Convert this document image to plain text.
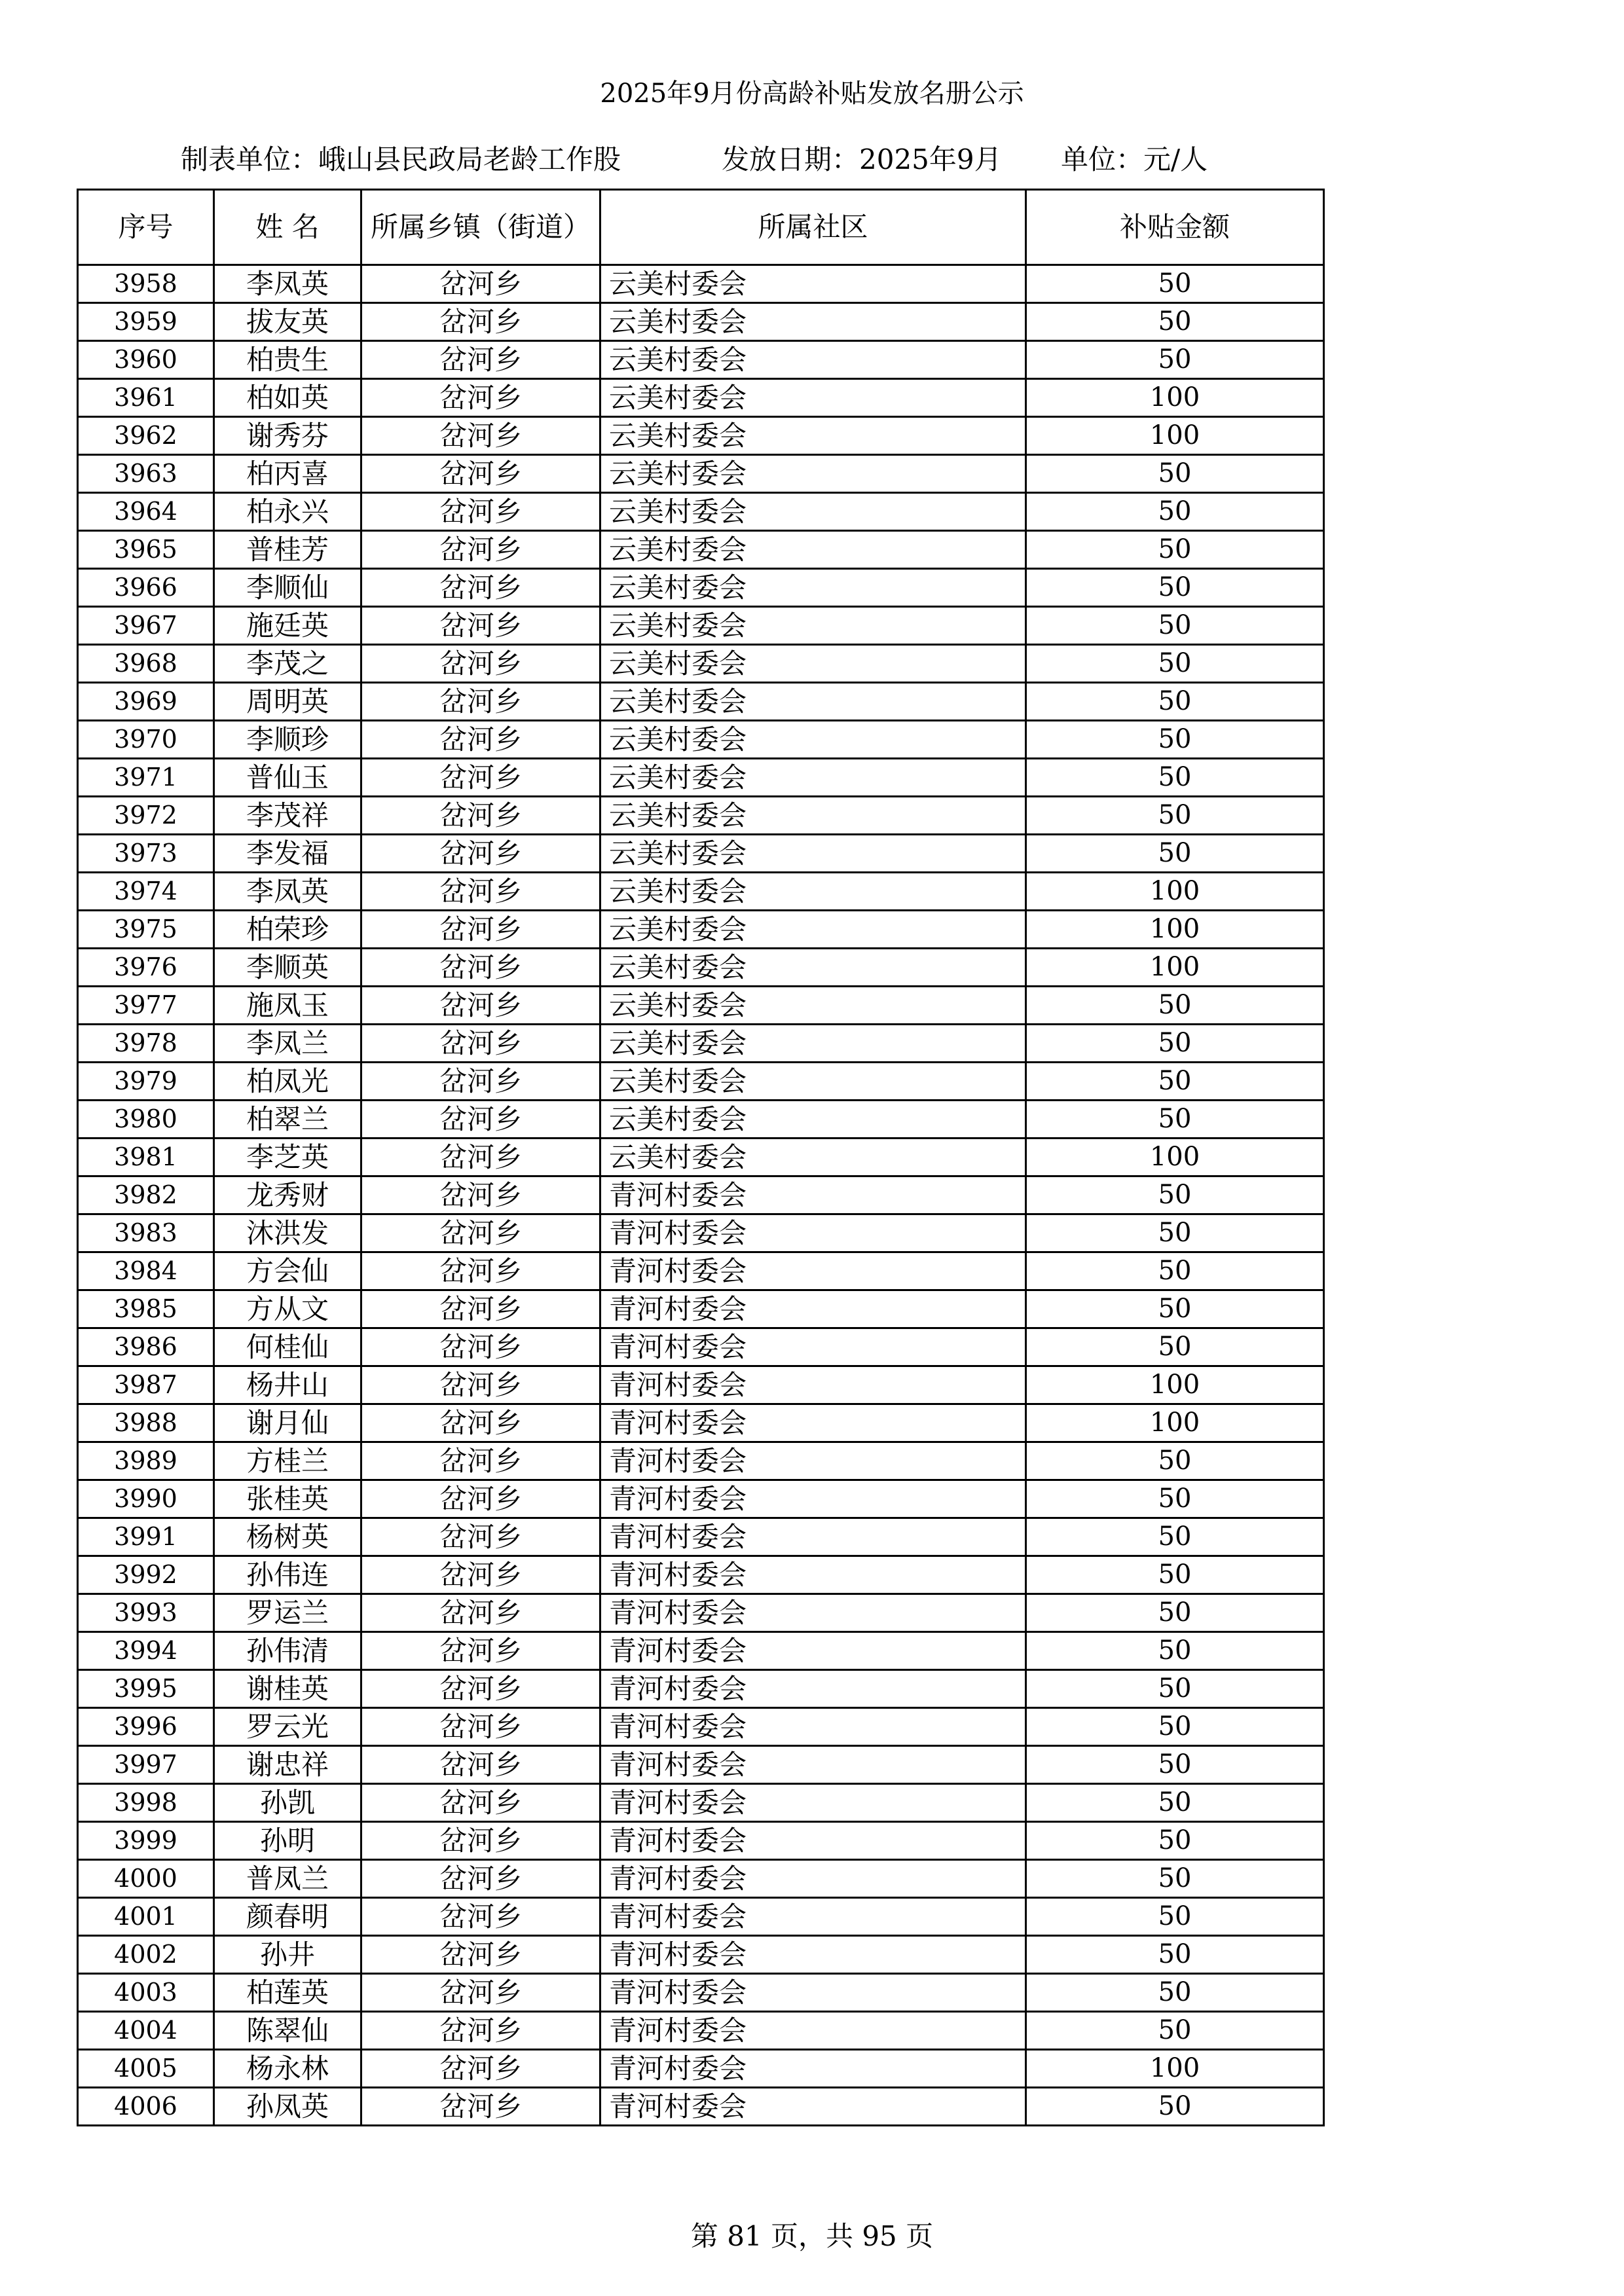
2025年9月份高龄补贴发放名册公示
制表单位：峨山县民政局老龄工作股	发放日期：2025年9月 单位：元/人
序号	姓 名	所属乡镇（街道）	所属社区	补贴金额
3958	李凤英	岔河乡	云美村委会	50
3959	拔友英	岔河乡	云美村委会	50
3960	柏贵生	岔河乡	云美村委会	50
3961	柏如英	岔河乡	云美村委会	100
3962	谢秀芬	岔河乡	云美村委会	100
3963	柏丙喜	岔河乡	云美村委会	50
3964	柏永兴	岔河乡	云美村委会	50
3965	普桂芳	岔河乡	云美村委会	50
3966	李顺仙	岔河乡	云美村委会	50
3967	施廷英	岔河乡	云美村委会	50
3968	李茂之	岔河乡	云美村委会	50
3969	周明英	岔河乡	云美村委会	50
3970	李顺珍	岔河乡	云美村委会	50
3971	普仙玉	岔河乡	云美村委会	50
3972	李茂祥	岔河乡	云美村委会	50
3973	李发福	岔河乡	云美村委会	50
3974	李凤英	岔河乡	云美村委会	100
3975	柏荣珍	岔河乡	云美村委会	100
3976	李顺英	岔河乡	云美村委会	100
3977	施凤玉	岔河乡	云美村委会	50
3978	李凤兰	岔河乡	云美村委会	50
3979	柏凤光	岔河乡	云美村委会	50
3980	柏翠兰	岔河乡	云美村委会	50
3981	李芝英	岔河乡	云美村委会	100
3982	龙秀财	岔河乡	青河村委会	50
3983	沐洪发	岔河乡	青河村委会	50
3984	方会仙	岔河乡	青河村委会	50
3985	方从文	岔河乡	青河村委会	50
3986	何桂仙	岔河乡	青河村委会	50
3987	杨井山	岔河乡	青河村委会	100
3988	谢月仙	岔河乡	青河村委会	100
3989	方桂兰	岔河乡	青河村委会	50
3990	张桂英	岔河乡	青河村委会	50
3991	杨树英	岔河乡	青河村委会	50
3992	孙伟连	岔河乡	青河村委会	50
3993	罗运兰	岔河乡	青河村委会	50
3994	孙伟清	岔河乡	青河村委会	50
3995	谢桂英	岔河乡	青河村委会	50
3996	罗云光	岔河乡	青河村委会	50
3997	谢忠祥	岔河乡	青河村委会	50
3998	孙凯	岔河乡	青河村委会	50
3999	孙明	岔河乡	青河村委会	50
4000	普凤兰	岔河乡	青河村委会	50
4001	颜春明	岔河乡	青河村委会	50
4002	孙井	岔河乡	青河村委会	50
4003	柏莲英	岔河乡	青河村委会	50
4004	陈翠仙	岔河乡	青河村委会	50
4005	杨永林	岔河乡	青河村委会	100
4006	孙凤英	岔河乡	青河村委会	50
第 81 页，共 95 页
